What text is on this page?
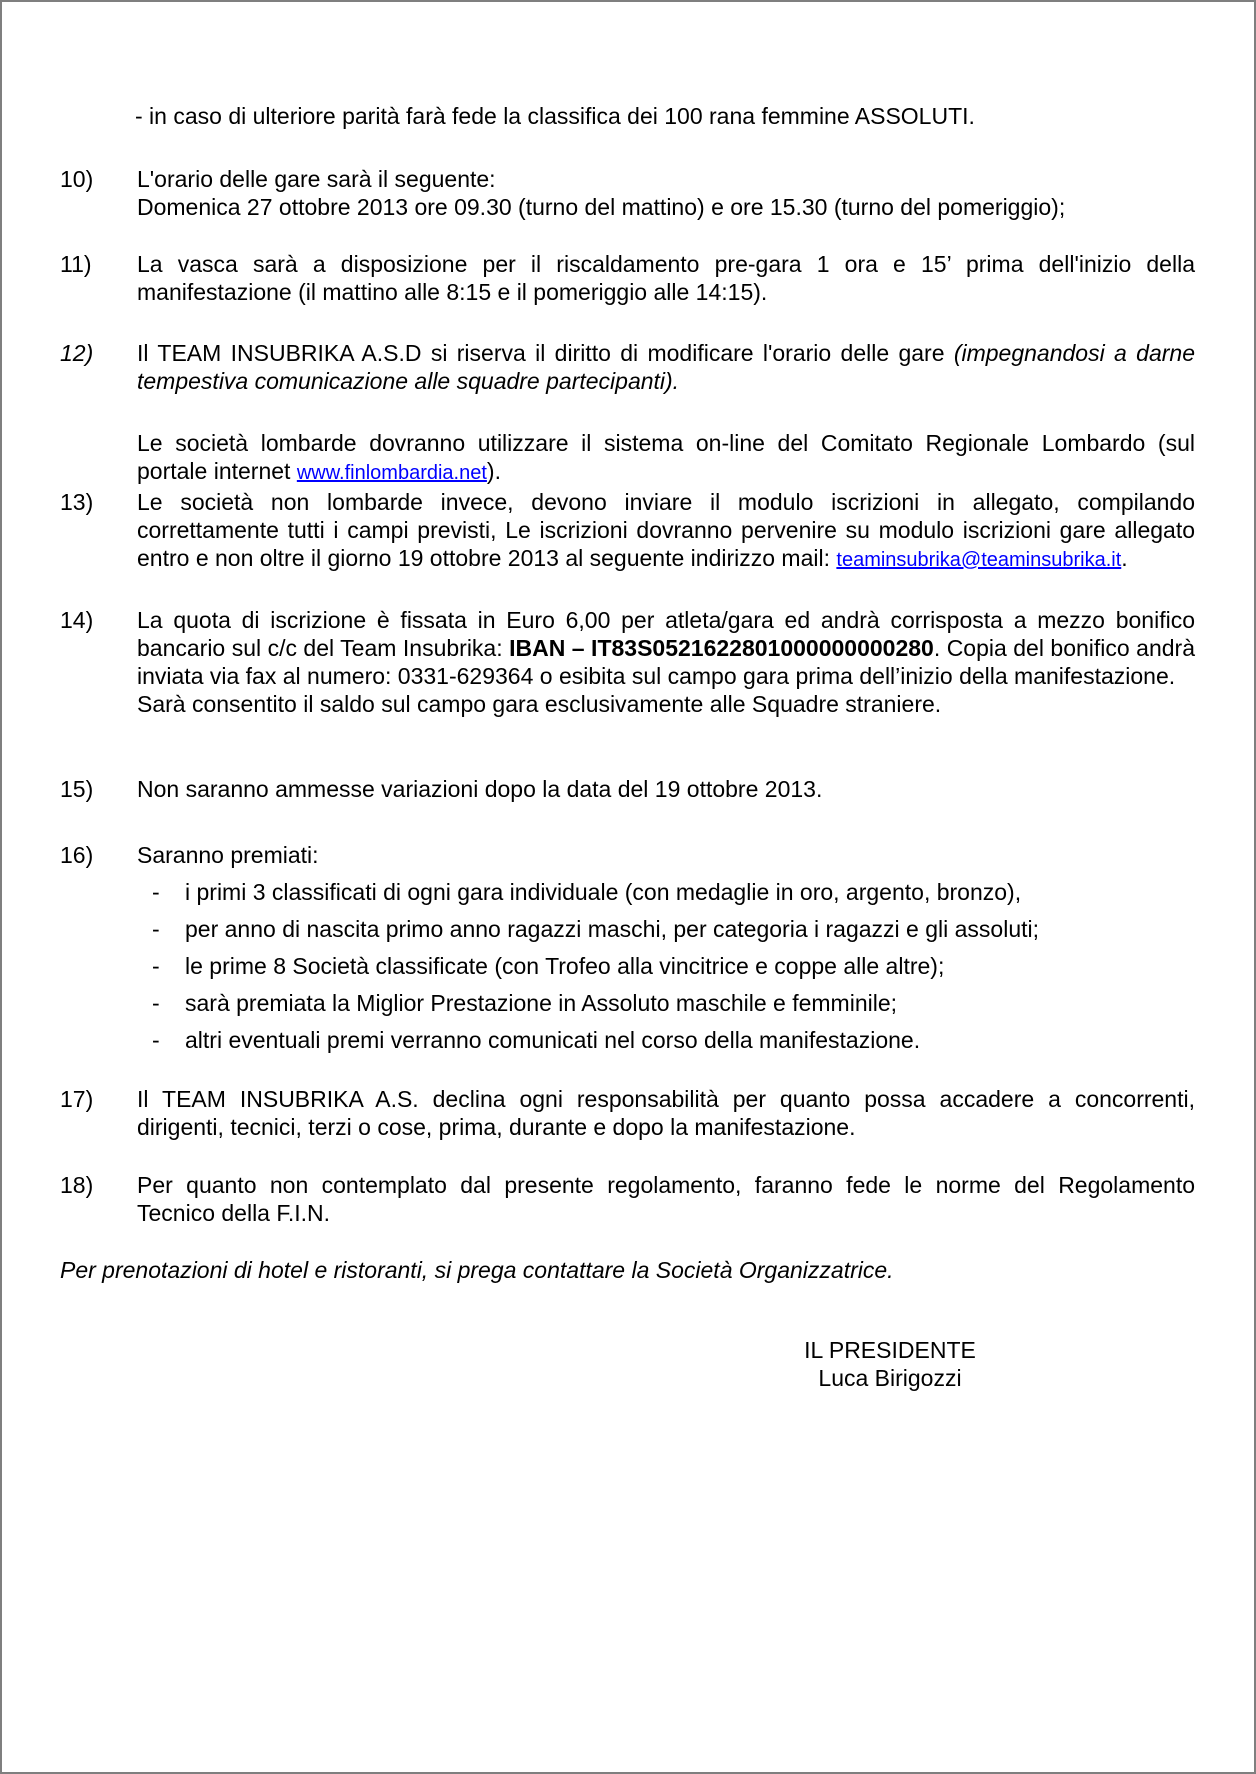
- in caso di ulteriore parità farà fede la classifica dei 100 rana femmine ASSOLUTI.
10)	L'orario delle gare sarà il seguente:
Domenica 27 ottobre 2013 ore 09.30 (turno del mattino) e ore 15.30 (turno del pomeriggio);
11)	La vasca sarà a disposizione per il riscaldamento pre-gara 1 ora e 15’ prima dell'inizio della manifestazione (il mattino alle 8:15 e il pomeriggio alle 14:15).
12)	Il TEAM INSUBRIKA A.S.D si riserva il diritto di modificare l'orario delle gare (impegnandosi a darne tempestiva comunicazione alle squadre partecipanti).
Le società lombarde dovranno utilizzare il sistema on-line del Comitato Regionale Lombardo (sul portale internet www.finlombardia.net).
13)	Le società non lombarde invece, devono inviare il modulo iscrizioni in allegato, compilando correttamente tutti i campi previsti, Le iscrizioni dovranno pervenire su modulo iscrizioni gare allegato entro e non oltre il giorno 19 ottobre 2013 al seguente indirizzo mail: teaminsubrika@teaminsubrika.it.
14)	La quota di iscrizione è fissata in Euro 6,00 per atleta/gara ed andrà corrisposta a mezzo bonifico bancario sul c/c del Team Insubrika: IBAN – IT83S0521622801000000000280. Copia del bonifico andrà inviata via fax al numero: 0331-629364 o esibita sul campo gara prima dell’inizio della manifestazione.
Sarà consentito il saldo sul campo gara esclusivamente alle Squadre straniere.
15)	Non saranno ammesse variazioni dopo la data del 19 ottobre 2013.
16)	Saranno premiati:
-	i primi 3 classificati di ogni gara individuale (con medaglie in oro, argento, bronzo),
-	per anno di nascita primo anno ragazzi maschi, per categoria i ragazzi e gli assoluti;
-	le prime 8 Società classificate (con Trofeo alla vincitrice e coppe alle altre);
-	sarà premiata la Miglior Prestazione in Assoluto maschile e femminile;
-	altri eventuali premi verranno comunicati nel corso della manifestazione.
17)	Il TEAM INSUBRIKA A.S. declina ogni responsabilità per quanto possa accadere a concorrenti, dirigenti, tecnici, terzi o cose, prima, durante e dopo la manifestazione.
18)	Per quanto non contemplato dal presente regolamento, faranno fede le norme del Regolamento Tecnico della F.I.N.
Per prenotazioni di hotel e ristoranti, si prega contattare la Società Organizzatrice.
IL PRESIDENTE
Luca Birigozzi
